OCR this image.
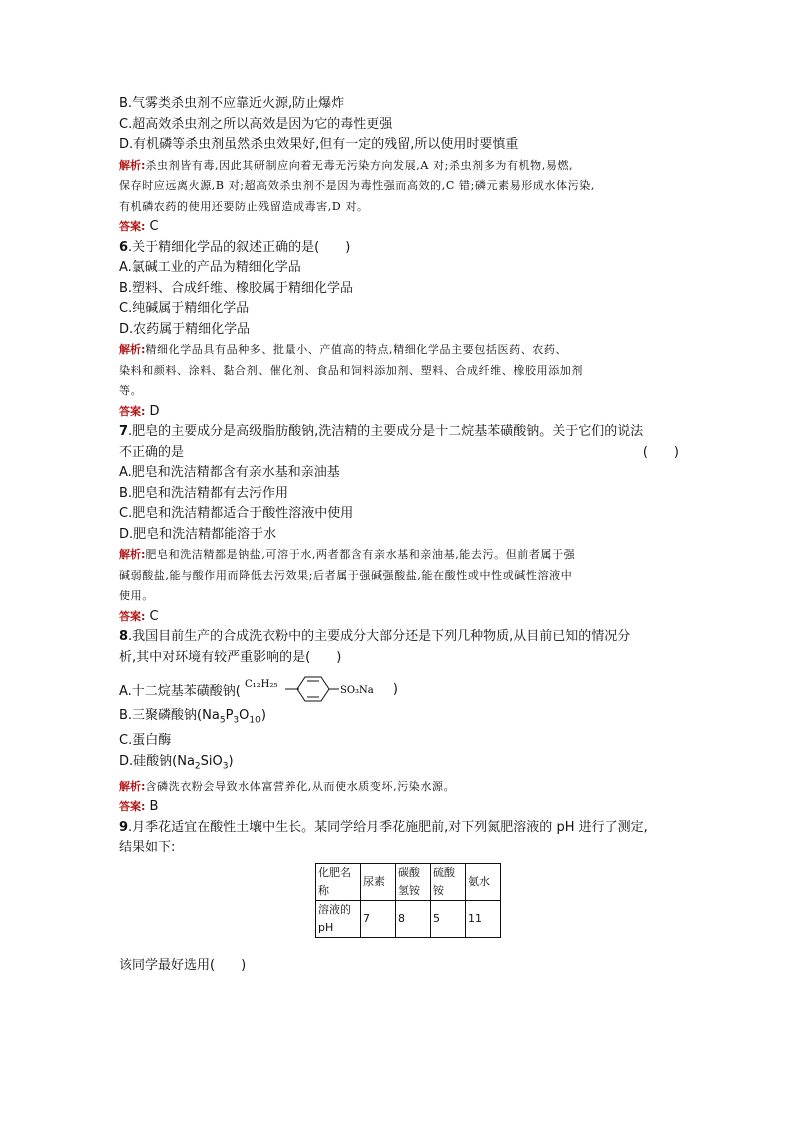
B.气雾类杀虫剂不应靠近火源,防止爆炸
C.超高效杀虫剂之所以高效是因为它的毒性更强
D.有机磷等杀虫剂虽然杀虫效果好,但有一定的残留,所以使用时要慎重
解析:杀虫剂皆有毒,因此其研制应向着无毒无污染方向发展,A 对;杀虫剂多为有机物,易燃,
保存时应远离火源,B 对;超高效杀虫剂不是因为毒性强而高效的,C 错;磷元素易形成水体污染,
有机磷农药的使用还要防止残留造成毒害,D 对。
答案: C
6.关于精细化学品的叙述正确的是(　　)
A.氯碱工业的产品为精细化学品
B.塑料、合成纤维、橡胶属于精细化学品
C.纯碱属于精细化学品
D.农药属于精细化学品
解析:精细化学品具有品种多、批量小、产值高的特点,精细化学品主要包括医药、农药、
染料和颜料、涂料、黏合剂、催化剂、食品和饲料添加剂、塑料、合成纤维、橡胶用添加剂
等。
答案: D
7.肥皂的主要成分是高级脂肪酸钠,洗洁精的主要成分是十二烷基苯磺酸钠。关于它们的说法
不正确的是	(　　)
A.肥皂和洗洁精都含有亲水基和亲油基
B.肥皂和洗洁精都有去污作用
C.肥皂和洗洁精都适合于酸性溶液中使用
D.肥皂和洗洁精都能溶于水
解析:肥皂和洗洁精都是钠盐,可溶于水,两者都含有亲水基和亲油基,能去污。但前者属于强
碱弱酸盐,能与酸作用而降低去污效果;后者属于强碱强酸盐,能在酸性或中性或碱性溶液中
使用。
答案: C
8.我国目前生产的合成洗衣粉中的主要成分大部分还是下列几种物质,从目前已知的情况分
析,其中对环境有较严重影响的是(　　)
A.十二烷基苯磺酸钠( C₁₂H₂₅
SO₃Na )
B.三聚磷酸钠$(Na_5P_3O_{10})$
C.蛋白酶
D.硅酸钠$(Na_2SiO_3)$
解析:含磷洗衣粉会导致水体富营养化,从而使水质变坏,污染水源。
答案: B
9.月季花适宜在酸性土壤中生长。某同学给月季花施肥前,对下列氮肥溶液的 pH 进行了测定,
结果如下:
化肥名称	尿素	碳酸氢铵	硫酸铵	氨水
溶液的pH	7	8	5	11
该同学最好选用(　　)
